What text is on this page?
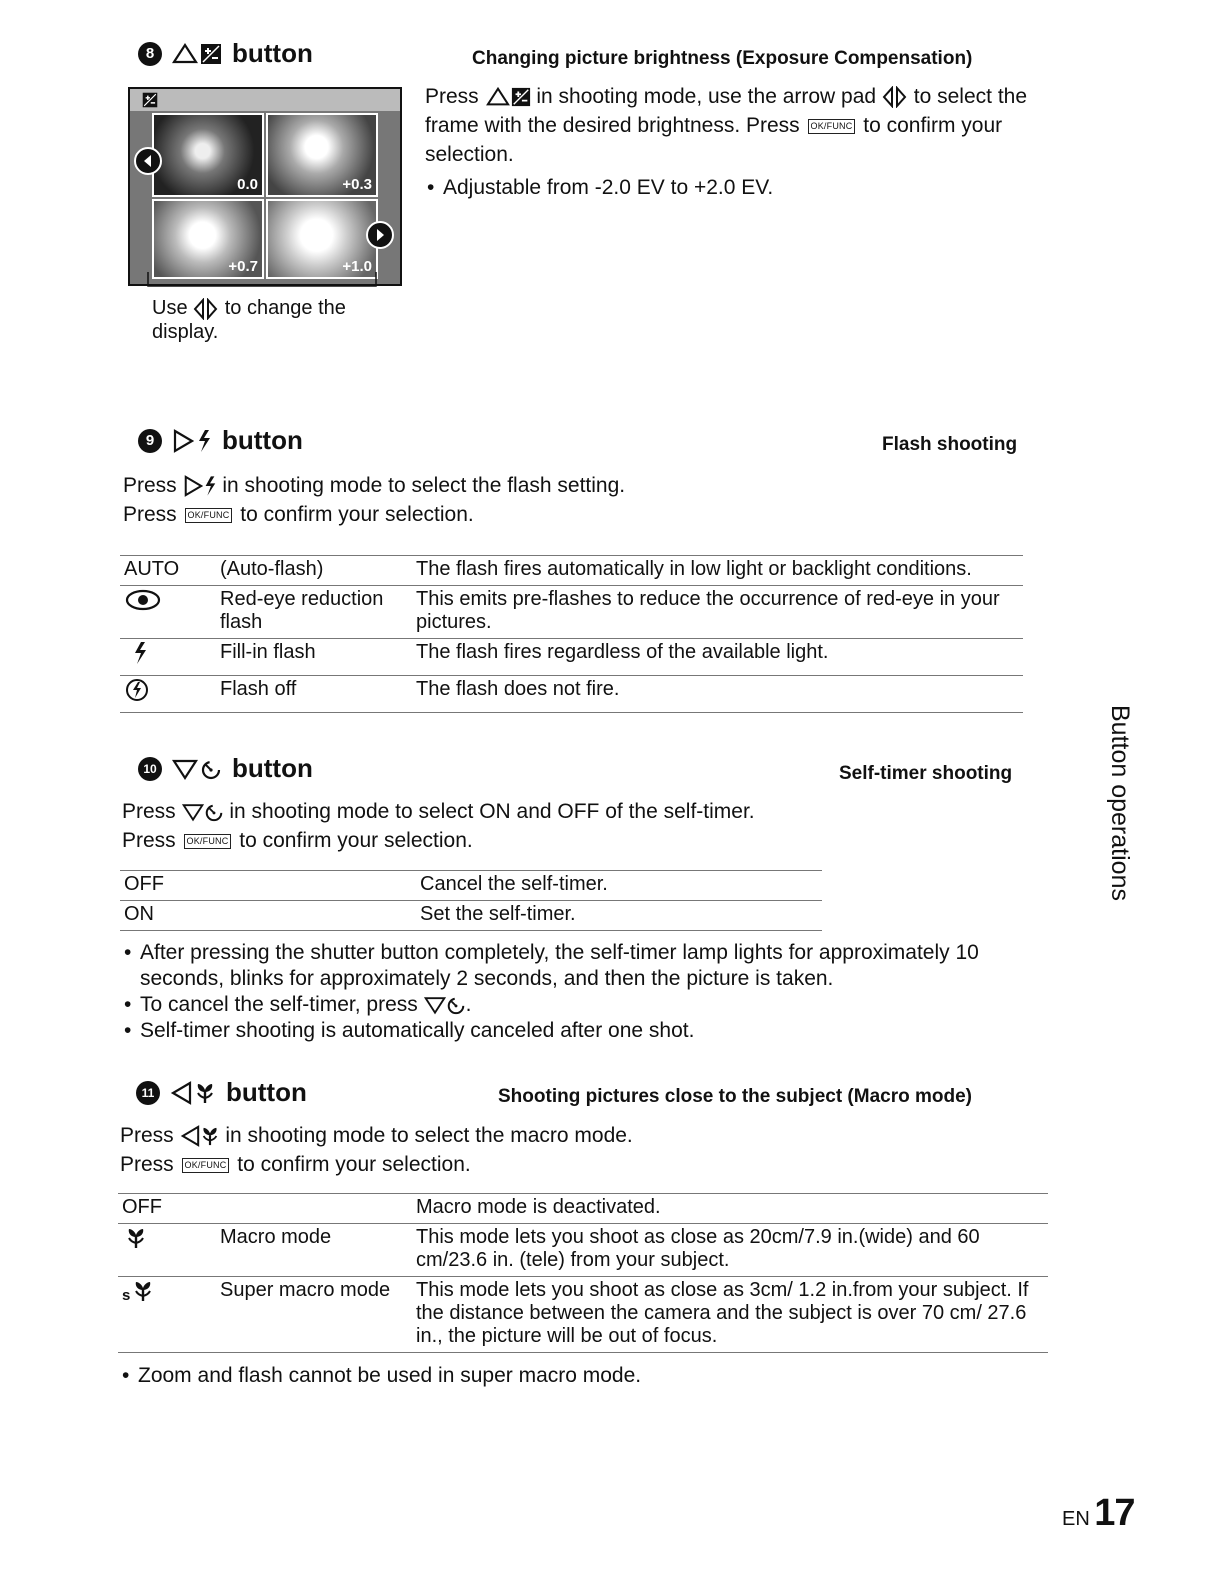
8	button	Changing picture brightness (Exposure Compensation)
0.0	+0.3
+0.7	+1.0
Use to change the display.
Press	in shooting mode, use the arrow pad to select the frame with the desired brightness. Press OK/FUNC to confirm your selection.
• Adjustable from -2.0 EV to +2.0 EV.
9	button	Flash shooting
Press in shooting mode to select the flash setting.
Press OK/FUNC to confirm your selection.
AUTO	(Auto-flash)	The flash fires automatically in low light or backlight conditions.
	Red-eye reduction flash	This emits pre-flashes to reduce the occurrence of red-eye in your pictures.
	Fill-in flash	The flash fires regardless of the available light.
	Flash off	The flash does not fire.
10	button	Self-timer shooting
Press	in shooting mode to select ON and OFF of the self-timer.
Press OK/FUNC to confirm your selection.
OFF	Cancel the self-timer.
ON	Set the self-timer.
• After pressing the shutter button completely, the self-timer lamp lights for approximately 10 seconds, blinks for approximately 2 seconds, and then the picture is taken.
• To cancel the self-timer, press .
• Self-timer shooting is automatically canceled after one shot.
11	button	Shooting pictures close to the subject (Macro mode)
Press in shooting mode to select the macro mode.
Press OK/FUNC to confirm your selection.
OFF		Macro mode is deactivated.
	Macro mode	This mode lets you shoot as close as 20cm/7.9 in.(wide) and 60 cm/23.6 in. (tele) from your subject.

s	Super macro mode	This mode lets you shoot as close as 3cm/ 1.2 in.from your subject. If the distance between the camera and the subject is over 70 cm/ 27.6 in., the picture will be out of focus.
• Zoom and flash cannot be used in super macro mode.
Button operations
EN 17
